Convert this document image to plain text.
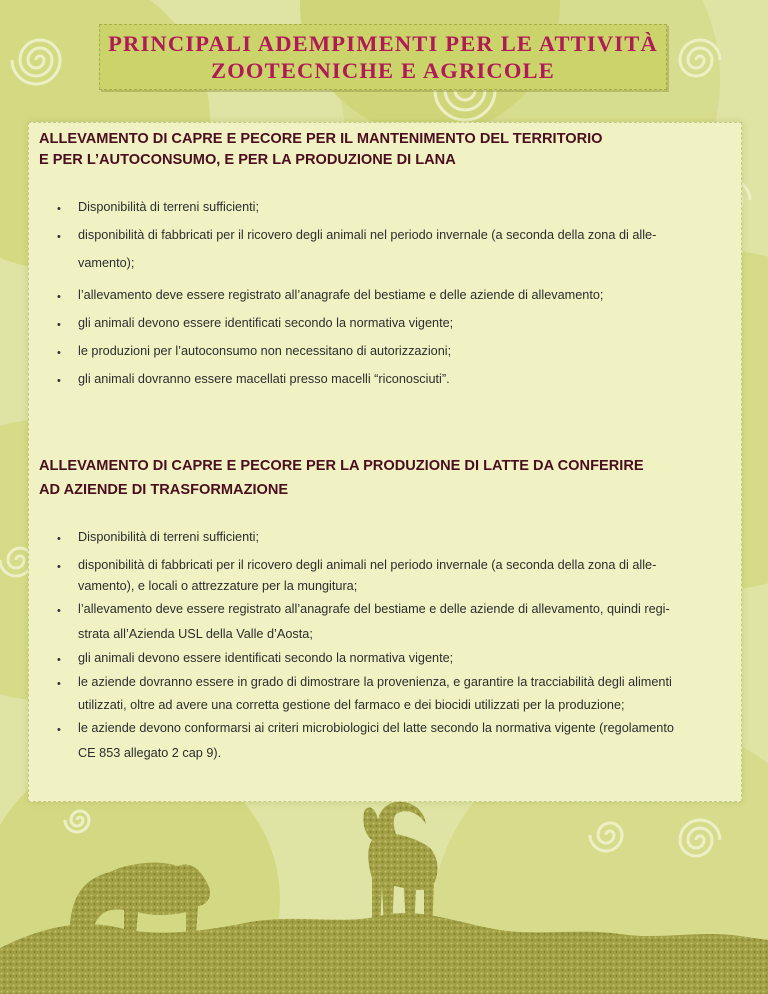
PRINCIPALI ADEMPIMENTI PER LE ATTIVITÀ
ZOOTECNICHE E AGRICOLE

ALLEVAMENTO DI CAPRE E PECORE PER IL MANTENIMENTO DEL TERRITORIO

E PER L’AUTOCONSUMO, E PER LA PRODUZIONE DI LANA

•	Disponibilità di terreni sufficienti;

•	disponibilità di fabbricati per il ricovero degli animali nel periodo invernale (a seconda della zona di alle-

vamento);

•	l’allevamento deve essere registrato all’anagrafe del bestiame e delle aziende di allevamento;

•	gli animali devono essere identificati secondo la normativa vigente;

•	le produzioni per l’autoconsumo non necessitano di autorizzazioni;

•	gli animali dovranno essere macellati presso macelli “riconosciuti”.

ALLEVAMENTO DI CAPRE E PECORE PER LA PRODUZIONE DI LATTE DA CONFERIRE

AD AZIENDE DI TRASFORMAZIONE

•	Disponibilità di terreni sufficienti;

•	disponibilità di fabbricati per il ricovero degli animali nel periodo invernale (a seconda della zona di alle-

vamento), e locali o attrezzature per la mungitura;

•	l’allevamento deve essere registrato all’anagrafe del bestiame e delle aziende di allevamento, quindi regi-

strata all’Azienda USL della Valle d’Aosta;

•	gli animali devono essere identificati secondo la normativa vigente;

•	le aziende dovranno essere in grado di dimostrare la provenienza, e garantire la tracciabilità degli alimenti

utilizzati, oltre ad avere una corretta gestione del farmaco e dei biocidi utilizzati per la produzione;

•	le aziende devono conformarsi ai criteri microbiologici del latte secondo la normativa vigente (regolamento

CE 853 allegato 2 cap 9).
